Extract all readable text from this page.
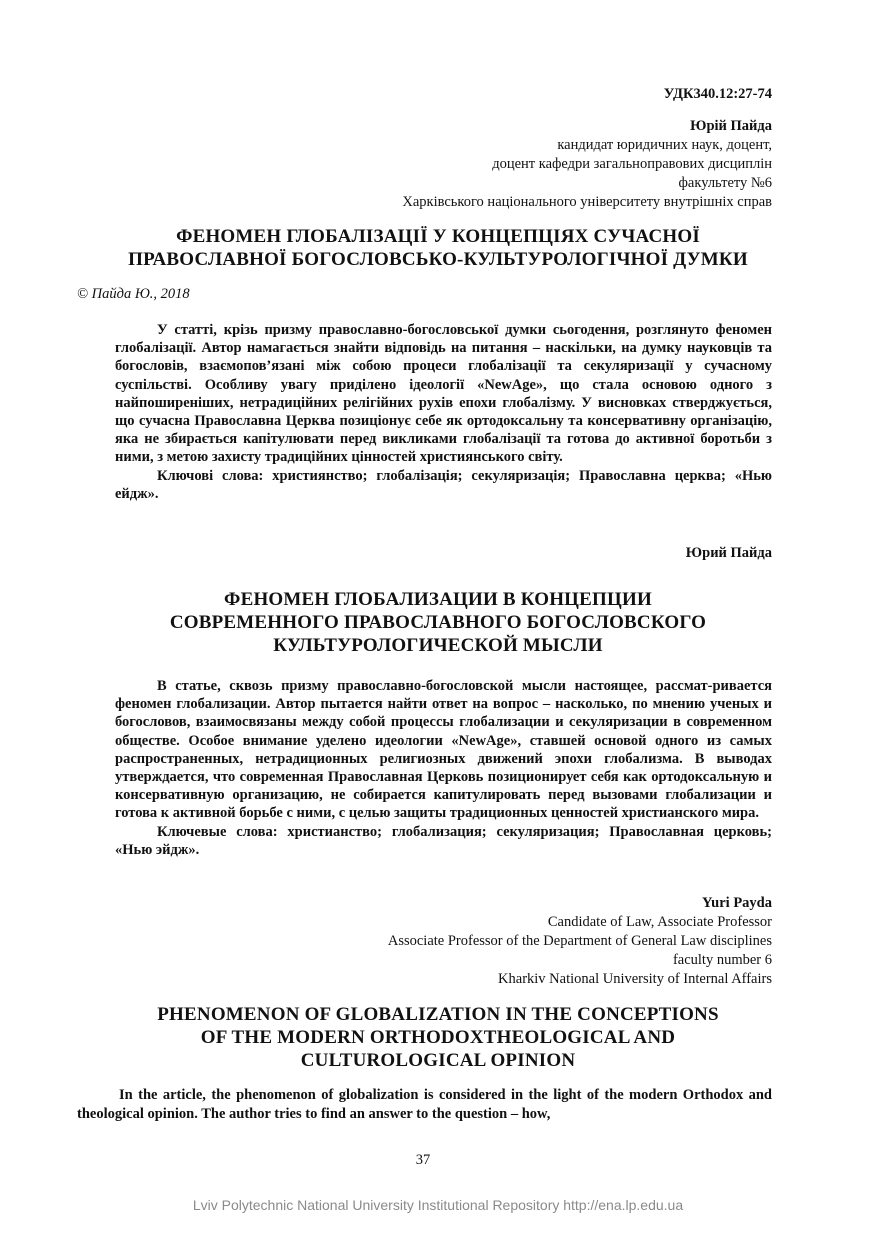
УДК340.12:27-74
Юрій Пайда
кандидат юридичних наук, доцент,
доцент кафедри загальноправових дисциплін
факультету №6
Харківського національного університету внутрішніх справ
ФЕНОМЕН ГЛОБАЛІЗАЦІЇ У КОНЦЕПЦІЯХ СУЧАСНОЇ
ПРАВОСЛАВНОЇ БОГОСЛОВСЬКО-КУЛЬТУРОЛОГІЧНОЇ ДУМКИ
© Пайда Ю., 2018

У статті, крізь призму православно-богословської думки сьогодення, розглянуто феномен глобалізації. Автор намагається знайти відповідь на питання – наскільки, на думку науковців та богословів, взаємопов’язані між собою процеси глобалізації та секуляризації у сучасному суспільстві. Особливу увагу приділено ідеології «NewAge», що стала основою одного з найпоширеніших, нетрадиційних релігійних рухів епохи глобалізму. У висновках стверджується, що сучасна Православна Церква позиціонує себе як ортодоксальну та консервативну організацію, яка не збирається капітулювати перед викликами глобалізації та готова до активної боротьби з ними, з метою захисту традиційних цінностей християнського світу.

Ключові слова: християнство; глобалізація; секуляризація; Православна церква; «Нью ейдж».

Юрий Пайда
ФЕНОМЕН ГЛОБАЛИЗАЦИИ В КОНЦЕПЦИИ
СОВРЕМЕННОГО ПРАВОСЛАВНОГО БОГОСЛОВСКОГО
КУЛЬТУРОЛОГИЧЕСКОЙ МЫСЛИ

В статье, сквозь призму православно-богословской мысли настоящее, рассмат-ривается феномен глобализации. Автор пытается найти ответ на вопрос – насколько, по мнению ученых и богословов, взаимосвязаны между собой процессы глобализации и секуляризации в современном обществе. Особое внимание уделено идеологии «NewAge», ставшей основой одного из самых распространенных, нетрадиционных религиозных движений эпохи глобализма. В выводах утверждается, что современная Православная Церковь позиционирует себя как ортодоксальную и консервативную организацию, не собирается капитулировать перед вызовами глобализации и готова к активной борьбе с ними, с целью защиты традиционных ценностей христианского мира.

Ключевые слова: христианство; глобализация; секуляризация; Православная церковь; «Нью эйдж».

Yuri Payda
Candidate of Law, Associate Professor
Associate Professor of the Department of General Law disciplines
faculty number 6
Kharkiv National University of Internal Affairs
PHENOMENON OF GLOBALIZATION IN THE CONCEPTIONS
OF THE MODERN ORTHODOXTHEOLOGICAL AND
CULTUROLOGICAL OPINION

In the article, the phenomenon of globalization is considered in the light of the modern Orthodox and theological opinion. The author tries to find an answer to the question – how,

37
Lviv Polytechnic National University Institutional Repository http://ena.lp.edu.ua
